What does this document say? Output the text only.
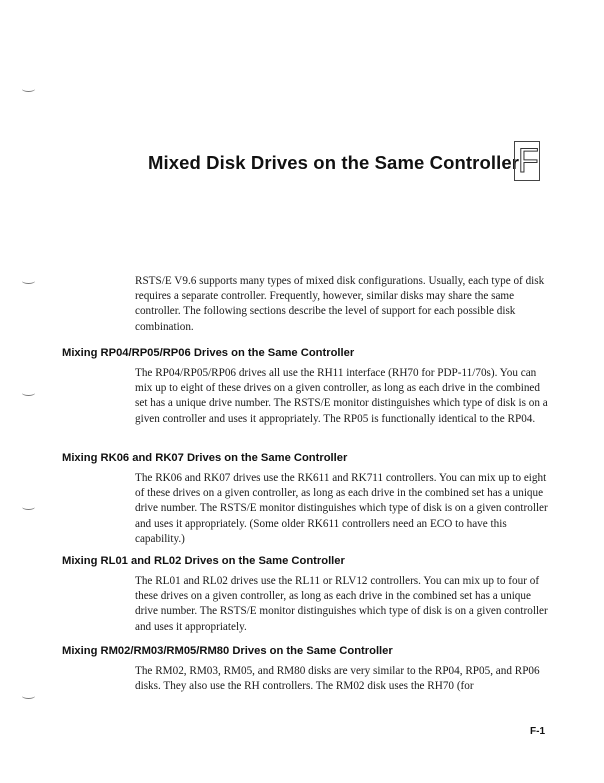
Mixed Disk Drives on the Same Controller
F

RSTS/E V9.6 supports many types of mixed disk configurations. Usually, each type of disk requires a separate controller. Frequently, however, similar disks may share the same controller. The following sections describe the level of support for each possible disk combination.

Mixing RP04/RP05/RP06 Drives on the Same Controller

The RP04/RP05/RP06 drives all use the RH11 interface (RH70 for PDP-11/70s). You can mix up to eight of these drives on a given controller, as long as each drive in the combined set has a unique drive number. The RSTS/E monitor distinguishes which type of disk is on a given controller and uses it appropriately. The RP05 is functionally identical to the RP04.

Mixing RK06 and RK07 Drives on the Same Controller

The RK06 and RK07 drives use the RK611 and RK711 controllers. You can mix up to eight of these drives on a given controller, as long as each drive in the combined set has a unique drive number. The RSTS/E monitor distinguishes which type of disk is on a given controller and uses it appropriately. (Some older RK611 controllers need an ECO to have this capability.)

Mixing RL01 and RL02 Drives on the Same Controller

The RL01 and RL02 drives use the RL11 or RLV12 controllers. You can mix up to four of these drives on a given controller, as long as each drive in the combined set has a unique drive number. The RSTS/E monitor distinguishes which type of disk is on a given controller and uses it appropriately.

Mixing RM02/RM03/RM05/RM80 Drives on the Same Controller

The RM02, RM03, RM05, and RM80 disks are very similar to the RP04, RP05, and RP06 disks. They also use the RH controllers. The RM02 disk uses the RH70 (for

F-1
